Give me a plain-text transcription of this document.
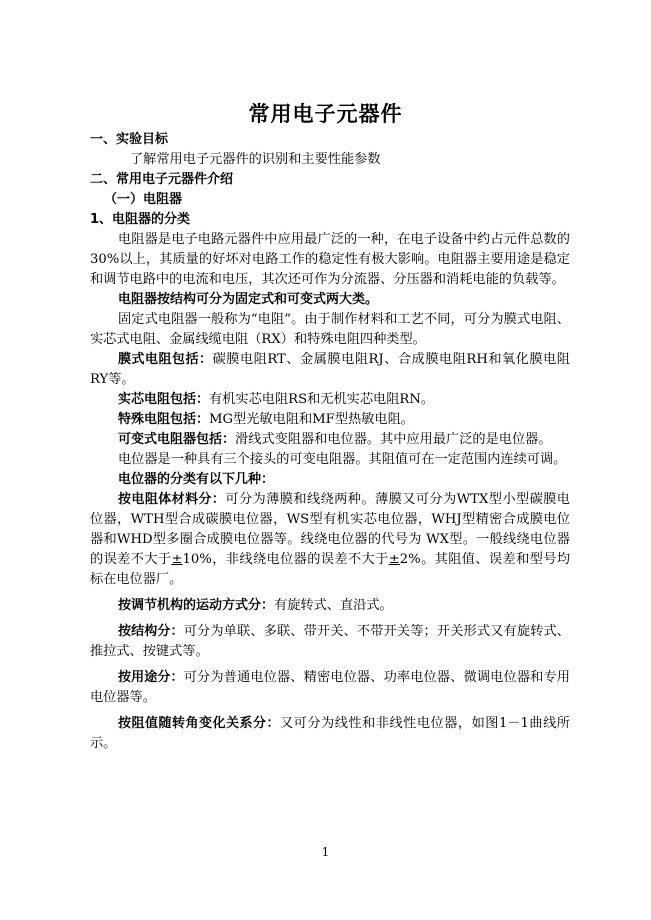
常用电子元器件
一、实验目标
了解常用电子元器件的识别和主要性能参数
二、常用电子元器件介绍
（一）电阻器
1、电阻器的分类

电阻器是电子电路元器件中应用最广泛的一种，在电子设备中约占元件总数的30%以上，其质量的好坏对电路工作的稳定性有极大影响。电阻器主要用途是稳定和调节电路中的电流和电压，其次还可作为分流器、分压器和消耗电能的负载等。

电阻器按结构可分为固定式和可变式两大类。

固定式电阻器一般称为“电阻”。由于制作材料和工艺不同，可分为膜式电阻、实芯式电阻、金属线缆电阻（RX）和特殊电阻四种类型。

膜式电阻包括：碳膜电阻RT、金属膜电阻RJ、合成膜电阻RH和氧化膜电阻RY等。

实芯电阻包括：有机实芯电阻RS和无机实芯电阻RN。

特殊电阻包括：MG型光敏电阻和MF型热敏电阻。

可变式电阻器包括：滑线式变阻器和电位器。其中应用最广泛的是电位器。

电位器是一种具有三个接头的可变电阻器。其阻值可在一定范围内连续可调。

电位器的分类有以下几种：

按电阻体材料分：可分为薄膜和线绕两种。薄膜又可分为WTX型小型碳膜电位器，WTH型合成碳膜电位器，WS型有机实芯电位器，WHJ型精密合成膜电位器和WHD型多圈合成膜电位器等。线绕电位器的代号为 WX型。一般线绕电位器的误差不大于±10%，非线绕电位器的误差不大于±2%。其阻值、误差和型号均标在电位器厂。

按调节机构的运动方式分：有旋转式、直沿式。

按结构分：可分为单联、多联、带开关、不带开关等；开关形式又有旋转式、推拉式、按键式等。

按用途分：可分为普通电位器、精密电位器、功率电位器、微调电位器和专用电位器等。

按阻值随转角变化关系分：又可分为线性和非线性电位器，如图1－1曲线所示。

1
